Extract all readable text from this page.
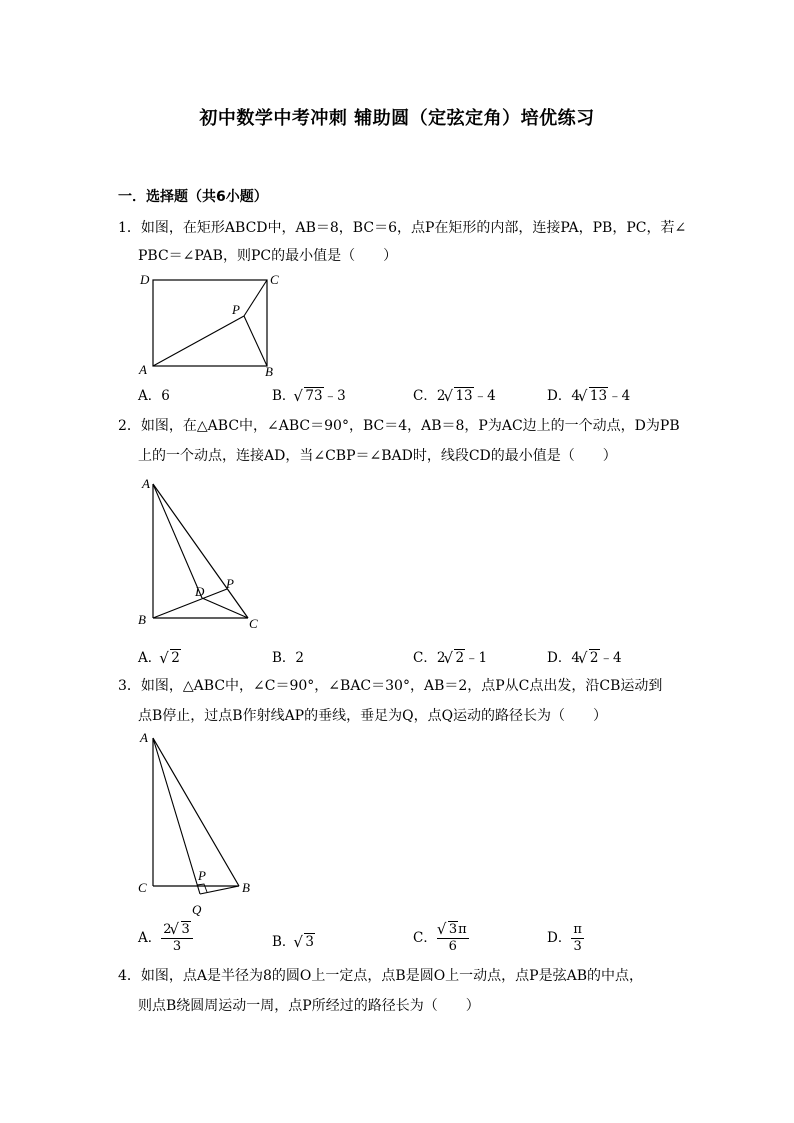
初中数学中考冲刺 辅助圆（定弦定角）培优练习
一．选择题（共6小题）
1．如图，在矩形ABCD中，AB＝8，BC＝6，点P在矩形的内部，连接PA，PB，PC，若∠
PBC＝∠PAB，则PC的最小值是（　　）
D	C
P
A	B
A．6	B． √ 73﹣3	C．2 √ 13﹣4	D．4 √ 13﹣4
2．如图，在△ABC中，∠ABC＝90°，BC＝4，AB＝8，P为AC边上的一个动点，D为PB
上的一个动点，连接AD，当∠CBP＝∠BAD时，线段CD的最小值是（　　）
A
B	C
D
P
A． √ 2	B．2	C．2 √ 2﹣1	D．4 √ 2﹣4
3．如图，△ABC中，∠C＝90°，∠BAC＝30°，AB＝2，点P从C点出发，沿CB运动到
点B停止，过点B作射线AP的垂线，垂足为Q，点Q运动的路径长为（　　）
A
C
P
B
Q
A． $\frac{2 √ 3}{3}$	B． √ 3	C． √ $\frac{3\pi}{6}$	D． $\frac{\pi}{3}$
4．如图，点A是半径为8的圆O上一定点，点B是圆O上一动点，点P是弦AB的中点，
则点B绕圆周运动一周，点P所经过的路径长为（　　）
